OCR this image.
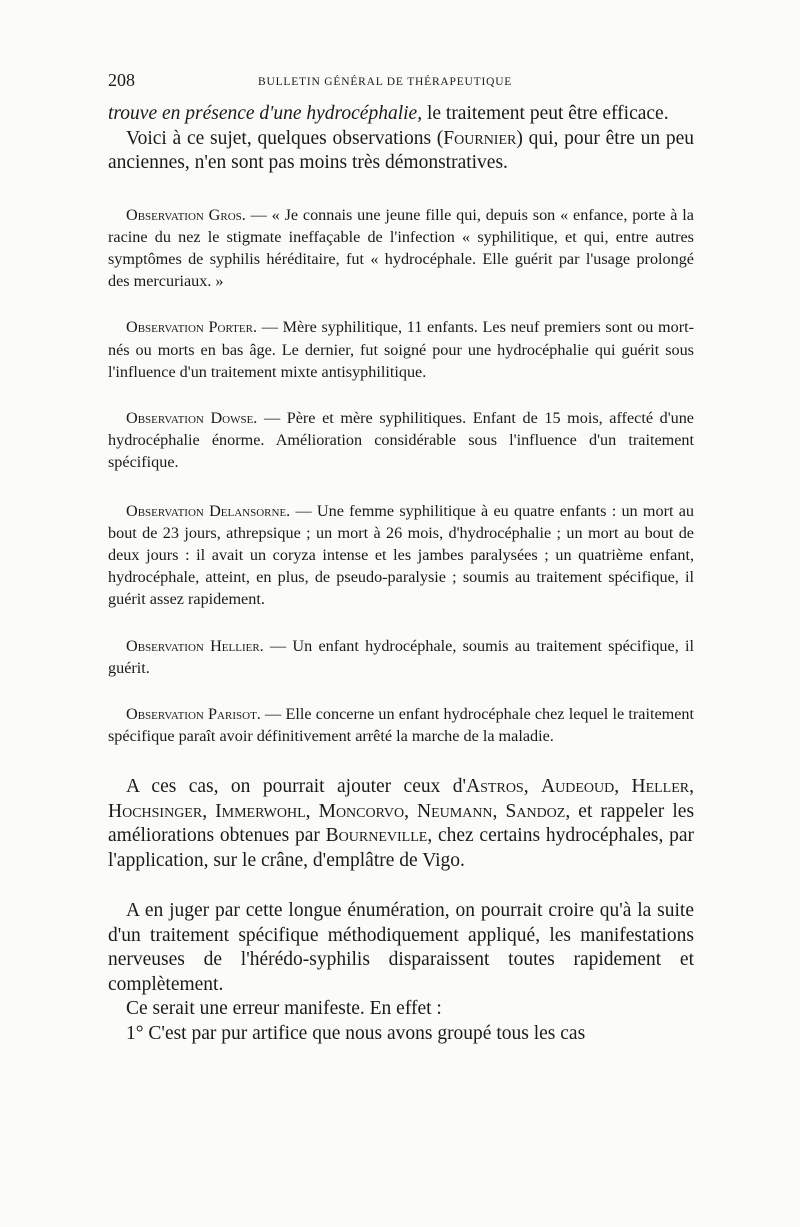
208	BULLETIN GÉNÉRAL DE THÉRAPEUTIQUE

trouve en présence d'une hydrocéphalie, le traitement peut être efficace.

Voici à ce sujet, quelques observations (Fournier) qui, pour être un peu anciennes, n'en sont pas moins très démonstratives.

Observation Gros. — « Je connais une jeune fille qui, depuis son « enfance, porte à la racine du nez le stigmate ineffaçable de l'infection « syphilitique, et qui, entre autres symptômes de syphilis héréditaire, fut « hydrocéphale. Elle guérit par l'usage prolongé des mercuriaux. »

Observation Porter. — Mère syphilitique, 11 enfants. Les neuf premiers sont ou mort-nés ou morts en bas âge. Le dernier, fut soigné pour une hydrocéphalie qui guérit sous l'influence d'un traitement mixte antisyphilitique.

Observation Dowse. — Père et mère syphilitiques. Enfant de 15 mois, affecté d'une hydrocéphalie énorme. Amélioration considérable sous l'influence d'un traitement spécifique.

Observation Delansorne. — Une femme syphilitique à eu quatre enfants : un mort au bout de 23 jours, athrepsique ; un mort à 26 mois, d'hydrocéphalie ; un mort au bout de deux jours : il avait un coryza intense et les jambes paralysées ; un quatrième enfant, hydrocéphale, atteint, en plus, de pseudo-paralysie ; soumis au traitement spécifique, il guérit assez rapidement.

Observation Hellier. — Un enfant hydrocéphale, soumis au traitement spécifique, il guérit.

Observation Parisot. — Elle concerne un enfant hydrocéphale chez lequel le traitement spécifique paraît avoir définitivement arrêté la marche de la maladie.

A ces cas, on pourrait ajouter ceux d'Astros, Audeoud, Heller, Hochsinger, Immerwohl, Moncorvo, Neumann, Sandoz, et rappeler les améliorations obtenues par Bourneville, chez certains hydrocéphales, par l'application, sur le crâne, d'emplâtre de Vigo.

A en juger par cette longue énumération, on pourrait croire qu'à la suite d'un traitement spécifique méthodiquement appliqué, les manifestations nerveuses de l'hérédo-syphilis disparaissent toutes rapidement et complètement.

Ce serait une erreur manifeste. En effet :

1° C'est par pur artifice que nous avons groupé tous les cas
